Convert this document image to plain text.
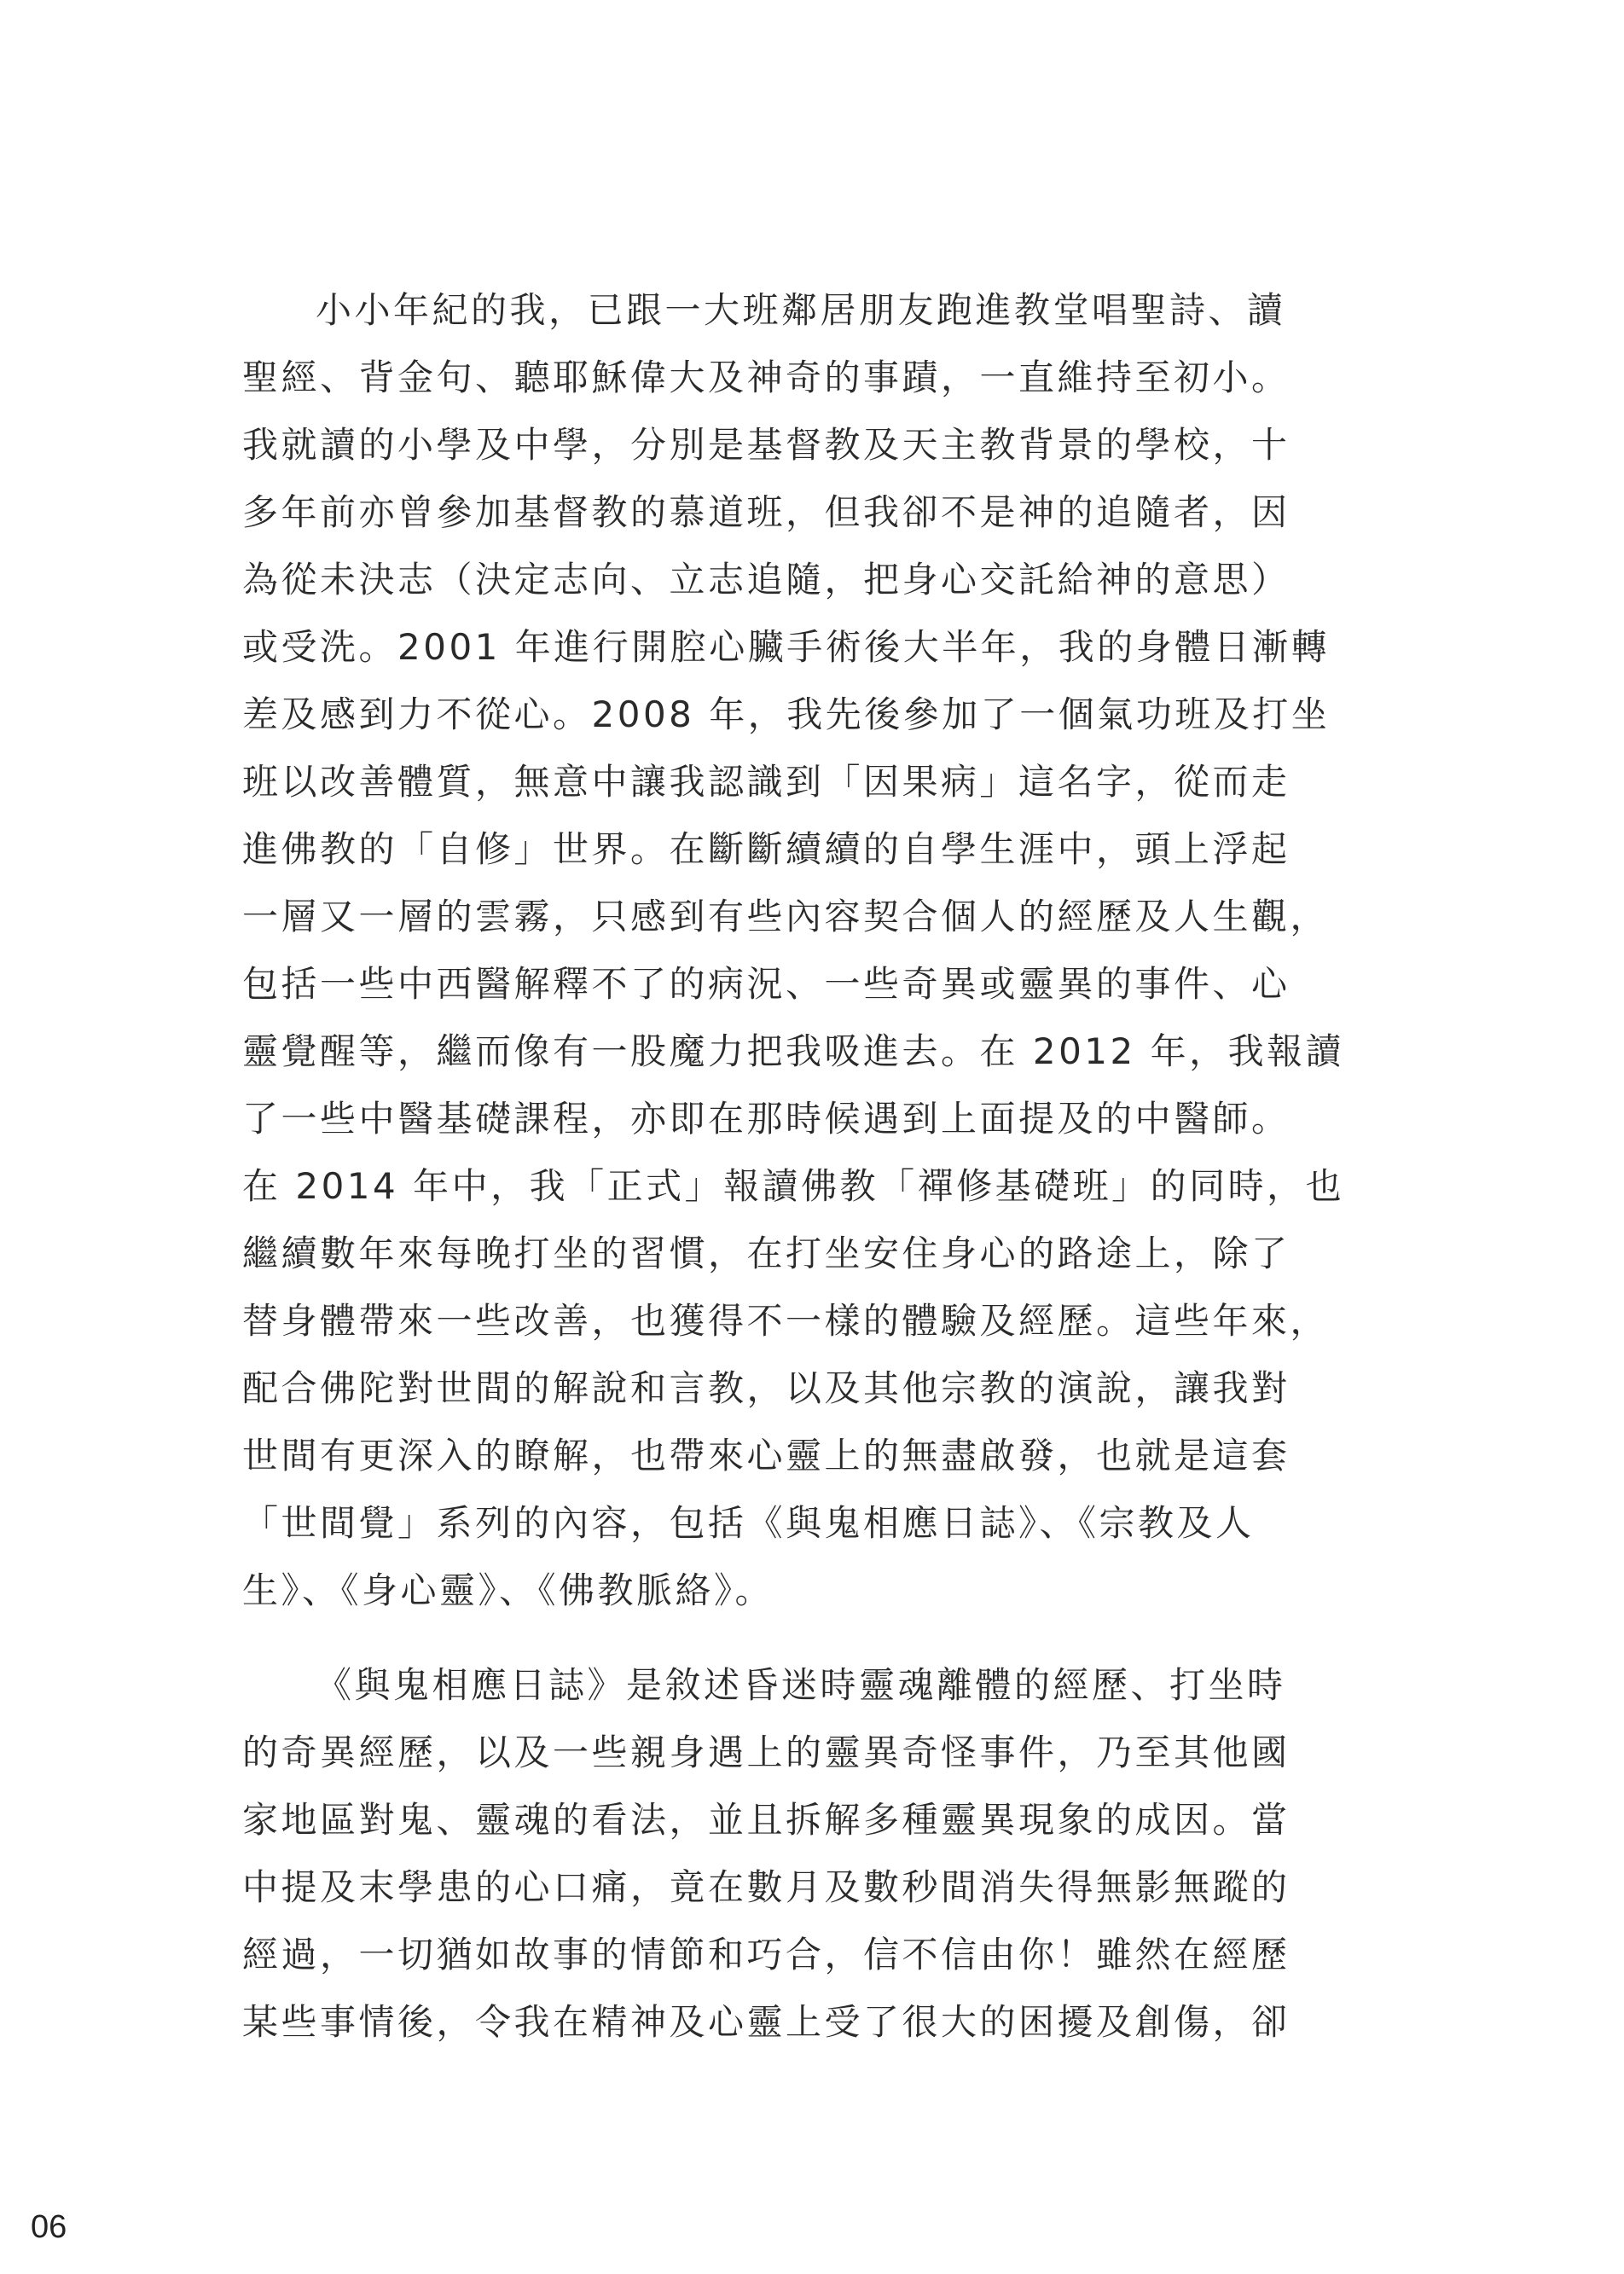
小小年紀的我，已跟一大班鄰居朋友跑進教堂唱聖詩、讀
聖經、背金句、聽耶穌偉大及神奇的事蹟，一直維持至初小。
我就讀的小學及中學，分別是基督教及天主教背景的學校，十
多年前亦曾參加基督教的慕道班，但我卻不是神的追隨者，因
為從未決志（決定志向、立志追隨，把身心交託給神的意思）
或受洗。2001 年進行開腔心臟手術後大半年，我的身體日漸轉
差及感到力不從心。2008 年，我先後參加了一個氣功班及打坐
班以改善體質，無意中讓我認識到「因果病」這名字，從而走
進佛教的「自修」世界。在斷斷續續的自學生涯中，頭上浮起
一層又一層的雲霧，只感到有些內容契合個人的經歷及人生觀，
包括一些中西醫解釋不了的病況、一些奇異或靈異的事件、心
靈覺醒等，繼而像有一股魔力把我吸進去。在 2012 年，我報讀
了一些中醫基礎課程，亦即在那時候遇到上面提及的中醫師。
在 2014 年中，我「正式」報讀佛教「禪修基礎班」的同時，也
繼續數年來每晚打坐的習慣，在打坐安住身心的路途上，除了
替身體帶來一些改善，也獲得不一樣的體驗及經歷。這些年來，
配合佛陀對世間的解說和言教，以及其他宗教的演說，讓我對
世間有更深入的瞭解，也帶來心靈上的無盡啟發，也就是這套
「世間覺」系列的內容，包括《與鬼相應日誌》、《宗教及人
生》、《身心靈》、《佛教脈絡》。
《與鬼相應日誌》是敘述昏迷時靈魂離體的經歷、打坐時
的奇異經歷，以及一些親身遇上的靈異奇怪事件，乃至其他國
家地區對鬼、靈魂的看法，並且拆解多種靈異現象的成因。當
中提及末學患的心口痛，竟在數月及數秒間消失得無影無蹤的
經過，一切猶如故事的情節和巧合，信不信由你！雖然在經歷
某些事情後，令我在精神及心靈上受了很大的困擾及創傷，卻
06
